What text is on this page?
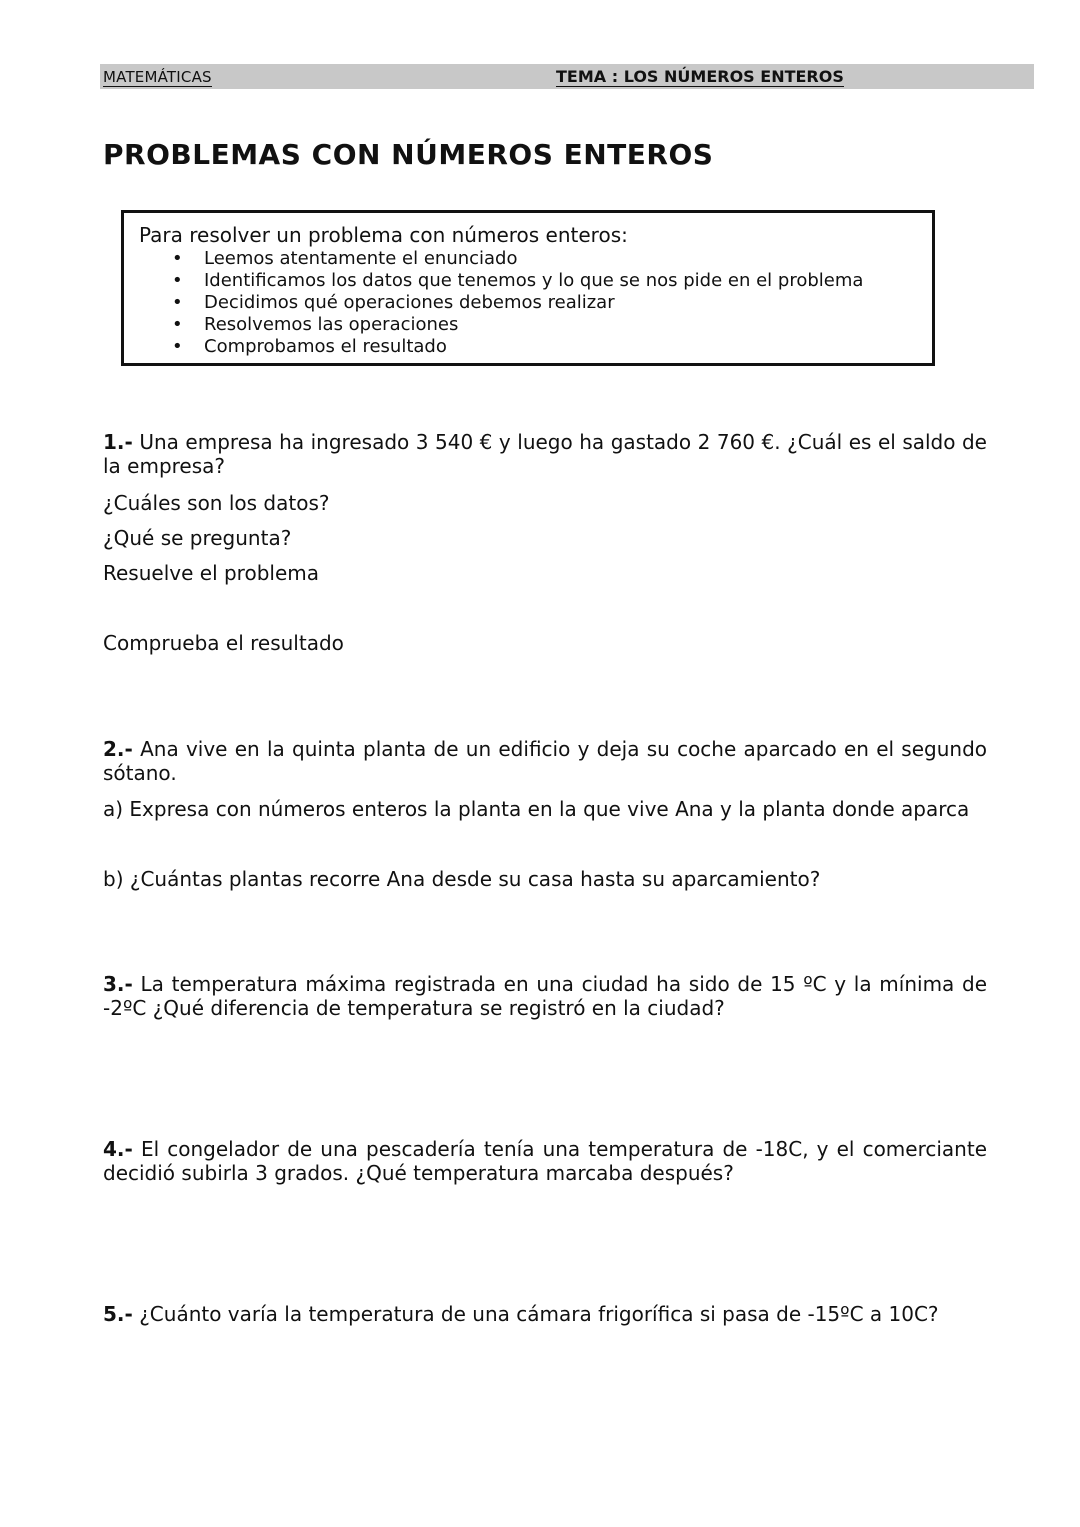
MATEMÁTICAS	TEMA : LOS NÚMEROS ENTEROS
PROBLEMAS CON NÚMEROS ENTEROS
Para resolver un problema con números enteros:
• Leemos atentamente el enunciado
• Identificamos los datos que tenemos y lo que se nos pide en el problema
• Decidimos qué operaciones debemos realizar
• Resolvemos las operaciones
• Comprobamos el resultado
1.- Una empresa ha ingresado 3 540 € y luego ha gastado 2 760 €. ¿Cuál es el saldo de la empresa?
¿Cuáles son los datos?
¿Qué se pregunta?
Resuelve el problema
Comprueba el resultado
2.- Ana vive en la quinta planta de un edificio y deja su coche aparcado en el segundo sótano.
a) Expresa con números enteros la planta en la que vive Ana y la planta donde aparca
b) ¿Cuántas plantas recorre Ana desde su casa hasta su aparcamiento?
3.- La temperatura máxima registrada en una ciudad ha sido de 15 ºC y la mínima de -2ºC ¿Qué diferencia de temperatura se registró en la ciudad?
4.- El congelador de una pescadería tenía una temperatura de -18C, y el comerciante decidió subirla 3 grados. ¿Qué temperatura marcaba después?
5.- ¿Cuánto varía la temperatura de una cámara frigorífica si pasa de -15ºC a 10C?
